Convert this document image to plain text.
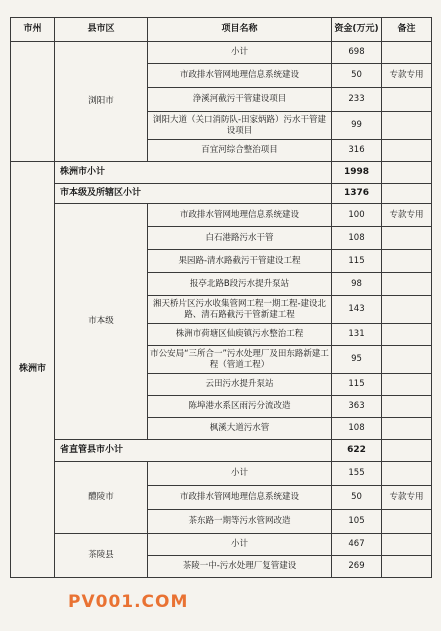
市州	县市区	项目名称	资金(万元)	备注
	浏阳市	小计	698	
		市政排水管网地理信息系统建设	50	专款专用
		浄溪河截污干管建设项目	233	
		浏阳大道（关口消防队-田家炳路）污水干管建设项目	99	
		百宜河综合整治项目	316	
株洲市	株洲市小计		1998	
	市本级及所辖区小计		1376	
	市本级	市政排水管网地理信息系统建设	100	专款专用
		白石港路污水干管	108	
		果园路-清水路截污干管建设工程	115	
		报亭北路B段污水提升泵站	98	
		湘天桥片区污水收集管网工程一期工程-建设北路、清石路截污干管新建工程	143	
		株洲市荷塘区仙庾镇污水整治工程	131	
		市公安局“三所合一”污水处理厂及田东路新建工程（管道工程）	95	
		云田污水提升泵站	115	
		陈埠港水系区雨污分流改造	363	
		枫溪大道污水管	108	
	省直管县市小计		622	
	醴陵市	小计	155	
		市政排水管网地理信息系统建设	50	专款专用
		茶东路一期等污水管网改造	105	
	茶陵县	小计	467	
		茶陵一中-污水处理厂复管建设	269	
PV001.COM
